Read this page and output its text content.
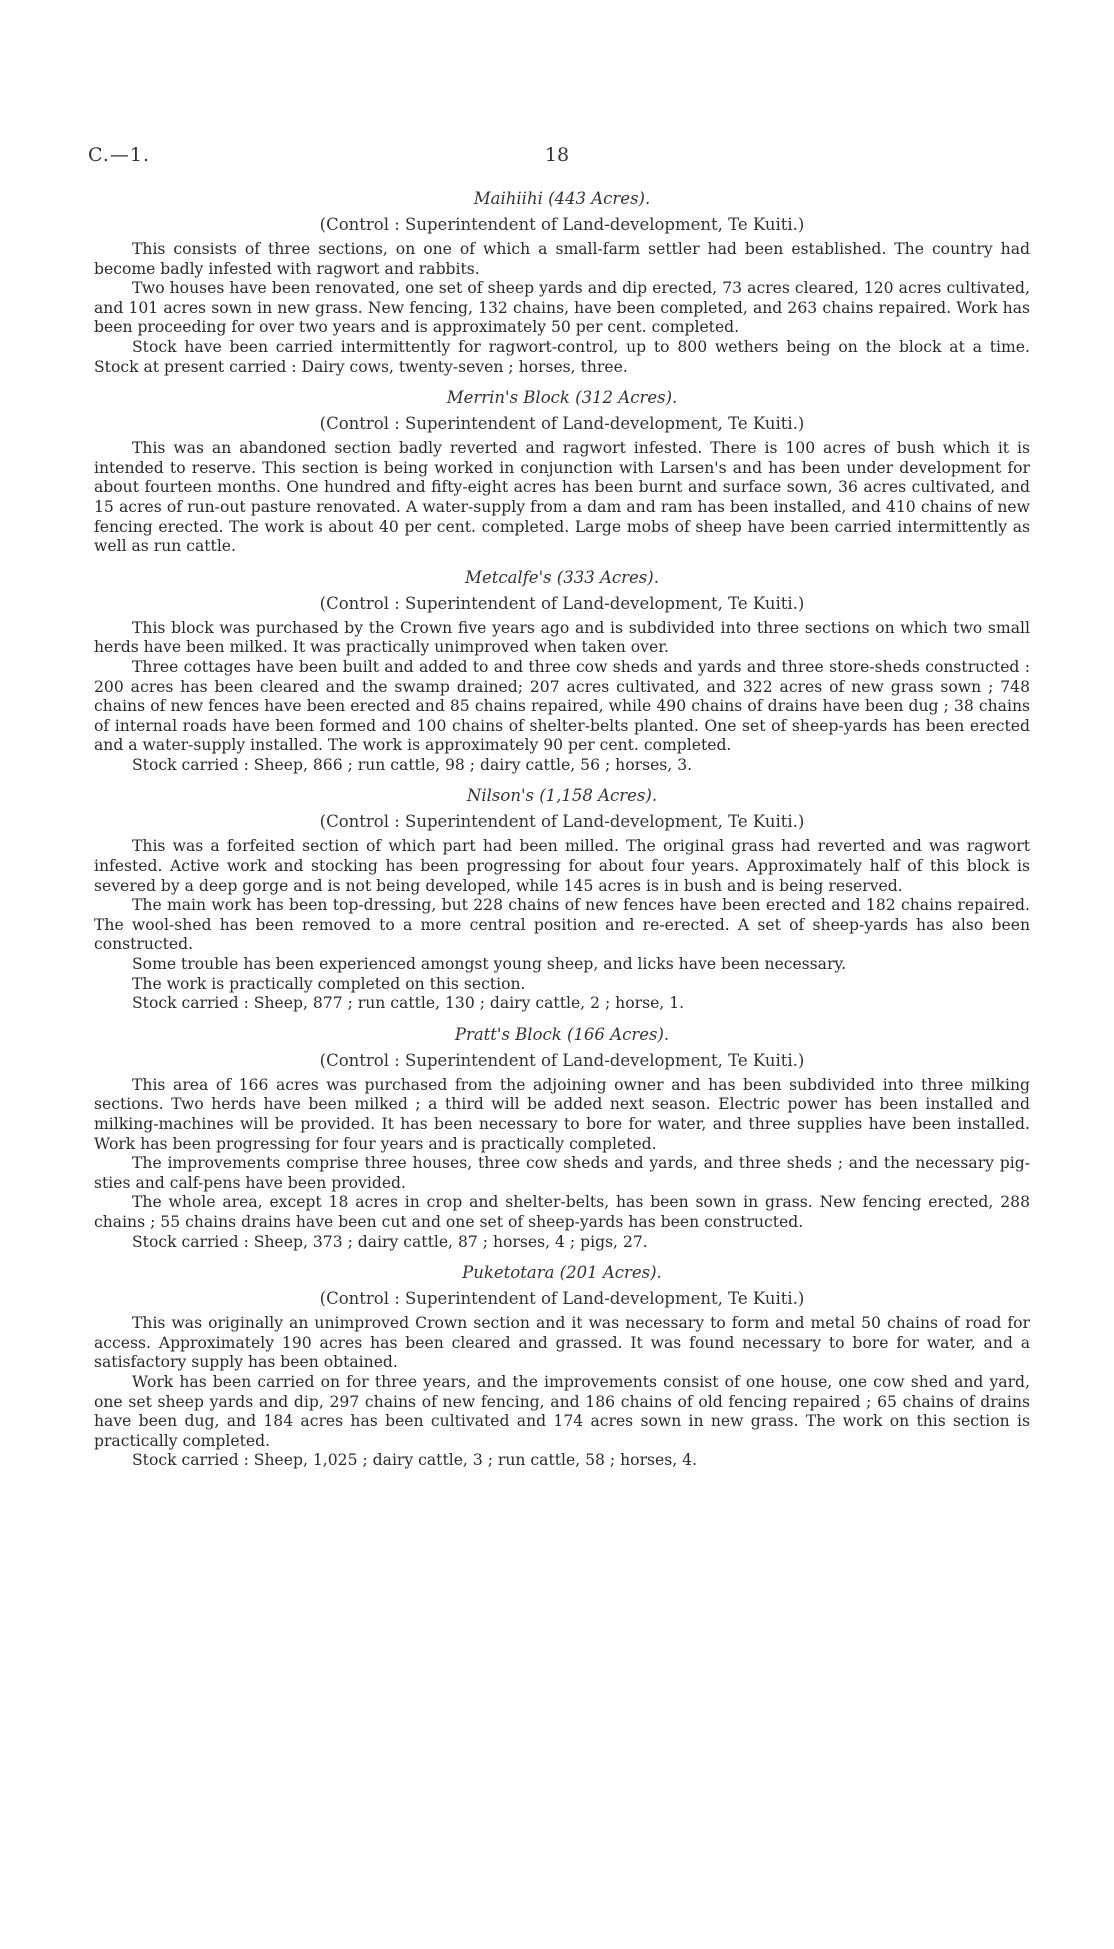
C.—1.	18
Maihiihi (443 Acres).
(Control : Superintendent of Land-development, Te Kuiti.)

This consists of three sections, on one of which a small-farm settler had been established. The country had become badly infested with ragwort and rabbits.

Two houses have been renovated, one set of sheep yards and dip erected, 73 acres cleared, 120 acres cultivated, and 101 acres sown in new grass. New fencing, 132 chains, have been completed, and 263 chains repaired. Work has been proceeding for over two years and is approximately 50 per cent. completed.

Stock have been carried intermittently for ragwort-control, up to 800 wethers being on the block at a time. Stock at present carried : Dairy cows, twenty-seven ; horses, three.

Merrin's Block (312 Acres).
(Control : Superintendent of Land-development, Te Kuiti.)

This was an abandoned section badly reverted and ragwort infested. There is 100 acres of bush which it is intended to reserve. This section is being worked in conjunction with Larsen's and has been under development for about fourteen months. One hundred and fifty-eight acres has been burnt and surface sown, 36 acres cultivated, and 15 acres of run-out pasture renovated. A water-supply from a dam and ram has been installed, and 410 chains of new fencing erected. The work is about 40 per cent. completed. Large mobs of sheep have been carried intermittently as well as run cattle.

Metcalfe's (333 Acres).
(Control : Superintendent of Land-development, Te Kuiti.)

This block was purchased by the Crown five years ago and is subdivided into three sections on which two small herds have been milked. It was practically unimproved when taken over.

Three cottages have been built and added to and three cow sheds and yards and three store-sheds constructed : 200 acres has been cleared and the swamp drained; 207 acres cultivated, and 322 acres of new grass sown ; 748 chains of new fences have been erected and 85 chains repaired, while 490 chains of drains have been dug ; 38 chains of internal roads have been formed and 100 chains of shelter-belts planted. One set of sheep-yards has been erected and a water-supply installed. The work is approximately 90 per cent. completed.

Stock carried : Sheep, 866 ; run cattle, 98 ; dairy cattle, 56 ; horses, 3.

Nilson's (1,158 Acres).
(Control : Superintendent of Land-development, Te Kuiti.)

This was a forfeited section of which part had been milled. The original grass had reverted and was ragwort infested. Active work and stocking has been progressing for about four years. Approximately half of this block is severed by a deep gorge and is not being developed, while 145 acres is in bush and is being reserved.

The main work has been top-dressing, but 228 chains of new fences have been erected and 182 chains repaired. The wool-shed has been removed to a more central position and re-erected. A set of sheep-yards has also been constructed.

Some trouble has been experienced amongst young sheep, and licks have been necessary.

The work is practically completed on this section.

Stock carried : Sheep, 877 ; run cattle, 130 ; dairy cattle, 2 ; horse, 1.

Pratt's Block (166 Acres).
(Control : Superintendent of Land-development, Te Kuiti.)

This area of 166 acres was purchased from the adjoining owner and has been subdivided into three milking sections. Two herds have been milked ; a third will be added next season. Electric power has been installed and milking-machines will be provided. It has been necessary to bore for water, and three supplies have been installed. Work has been progressing for four years and is practically completed.

The improvements comprise three houses, three cow sheds and yards, and three sheds ; and the necessary pig-sties and calf-pens have been provided.

The whole area, except 18 acres in crop and shelter-belts, has been sown in grass. New fencing erected, 288 chains ; 55 chains drains have been cut and one set of sheep-yards has been constructed.

Stock carried : Sheep, 373 ; dairy cattle, 87 ; horses, 4 ; pigs, 27.

Puketotara (201 Acres).
(Control : Superintendent of Land-development, Te Kuiti.)

This was originally an unimproved Crown section and it was necessary to form and metal 50 chains of road for access. Approximately 190 acres has been cleared and grassed. It was found necessary to bore for water, and a satisfactory supply has been obtained.

Work has been carried on for three years, and the improvements consist of one house, one cow shed and yard, one set sheep yards and dip, 297 chains of new fencing, and 186 chains of old fencing repaired ; 65 chains of drains have been dug, and 184 acres has been cultivated and 174 acres sown in new grass. The work on this section is practically completed.

Stock carried : Sheep, 1,025 ; dairy cattle, 3 ; run cattle, 58 ; horses, 4.
